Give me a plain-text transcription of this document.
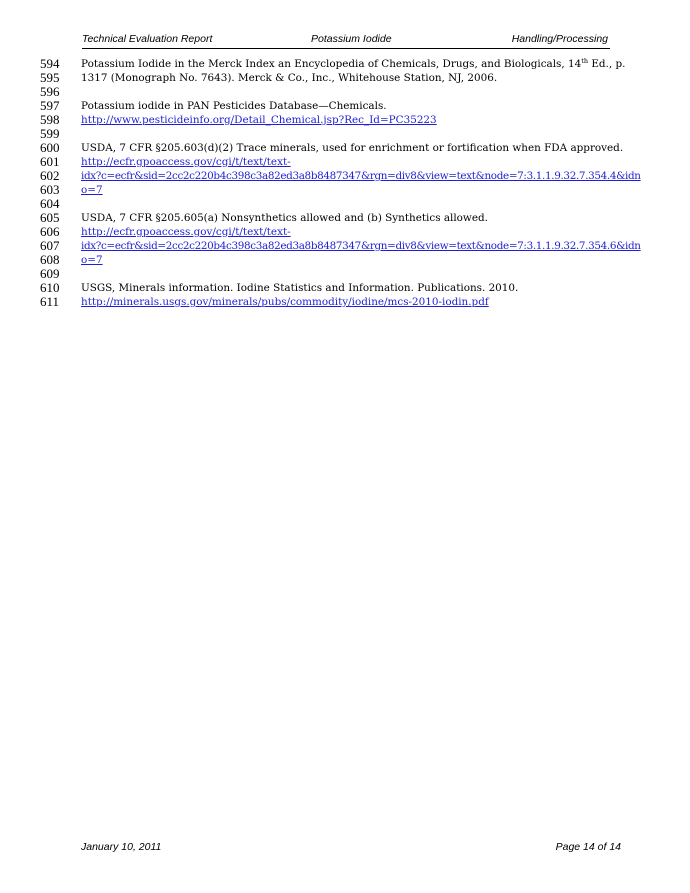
Technical Evaluation Report	Potassium Iodide	Handling/Processing
594	Potassium Iodide in the Merck Index an Encyclopedia of Chemicals, Drugs, and Biologicals, 14th Ed., p.
595	1317 (Monograph No. 7643). Merck & Co., Inc., Whitehouse Station, NJ, 2006.
596
597	Potassium iodide in PAN Pesticides Database—Chemicals.
598	http://www.pesticideinfo.org/Detail_Chemical.jsp?Rec_Id=PC35223
599
600	USDA, 7 CFR §205.603(d)(2) Trace minerals, used for enrichment or fortification when FDA approved.
601	http://ecfr.gpoaccess.gov/cgi/t/text/text-
602	idx?c=ecfr&sid=2cc2c220b4c398c3a82ed3a8b8487347&rgn=div8&view=text&node=7:3.1.1.9.32.7.354.4&idn
603	o=7
604
605	USDA, 7 CFR §205.605(a) Nonsynthetics allowed and (b) Synthetics allowed.
606	http://ecfr.gpoaccess.gov/cgi/t/text/text-
607	idx?c=ecfr&sid=2cc2c220b4c398c3a82ed3a8b8487347&rgn=div8&view=text&node=7:3.1.1.9.32.7.354.6&idn
608	o=7
609
610	USGS, Minerals information. Iodine Statistics and Information. Publications. 2010.
611	http://minerals.usgs.gov/minerals/pubs/commodity/iodine/mcs-2010-iodin.pdf
January 10, 2011	Page 14 of 14
